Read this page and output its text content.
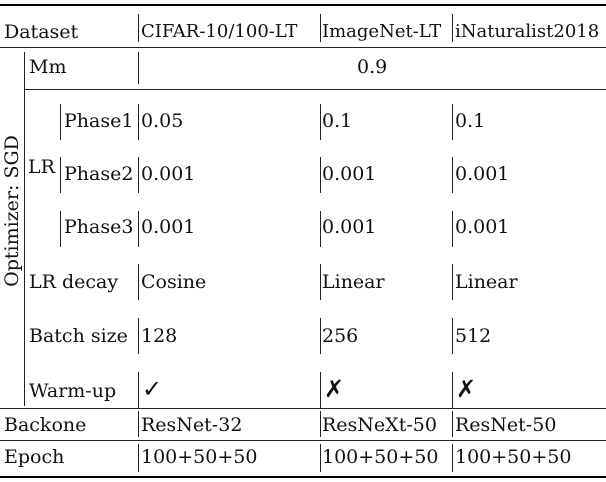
Dataset	CIFAR-10/100-LT ImageNet-LT iNaturalist2018
Optimizer: SGD
Mm	0.9
LR
Phase1 0.05	0.1	0.1
Phase2 0.001	0.001	0.001
Phase3 0.001	0.001	0.001
LR decay Cosine	Linear	Linear
Batch size 128	256	512
Warm-up ✓	✗	✗
Backone	ResNet-32	ResNeXt-50 ResNet-50
Epoch	100+50+50	100+50+50 100+50+50
